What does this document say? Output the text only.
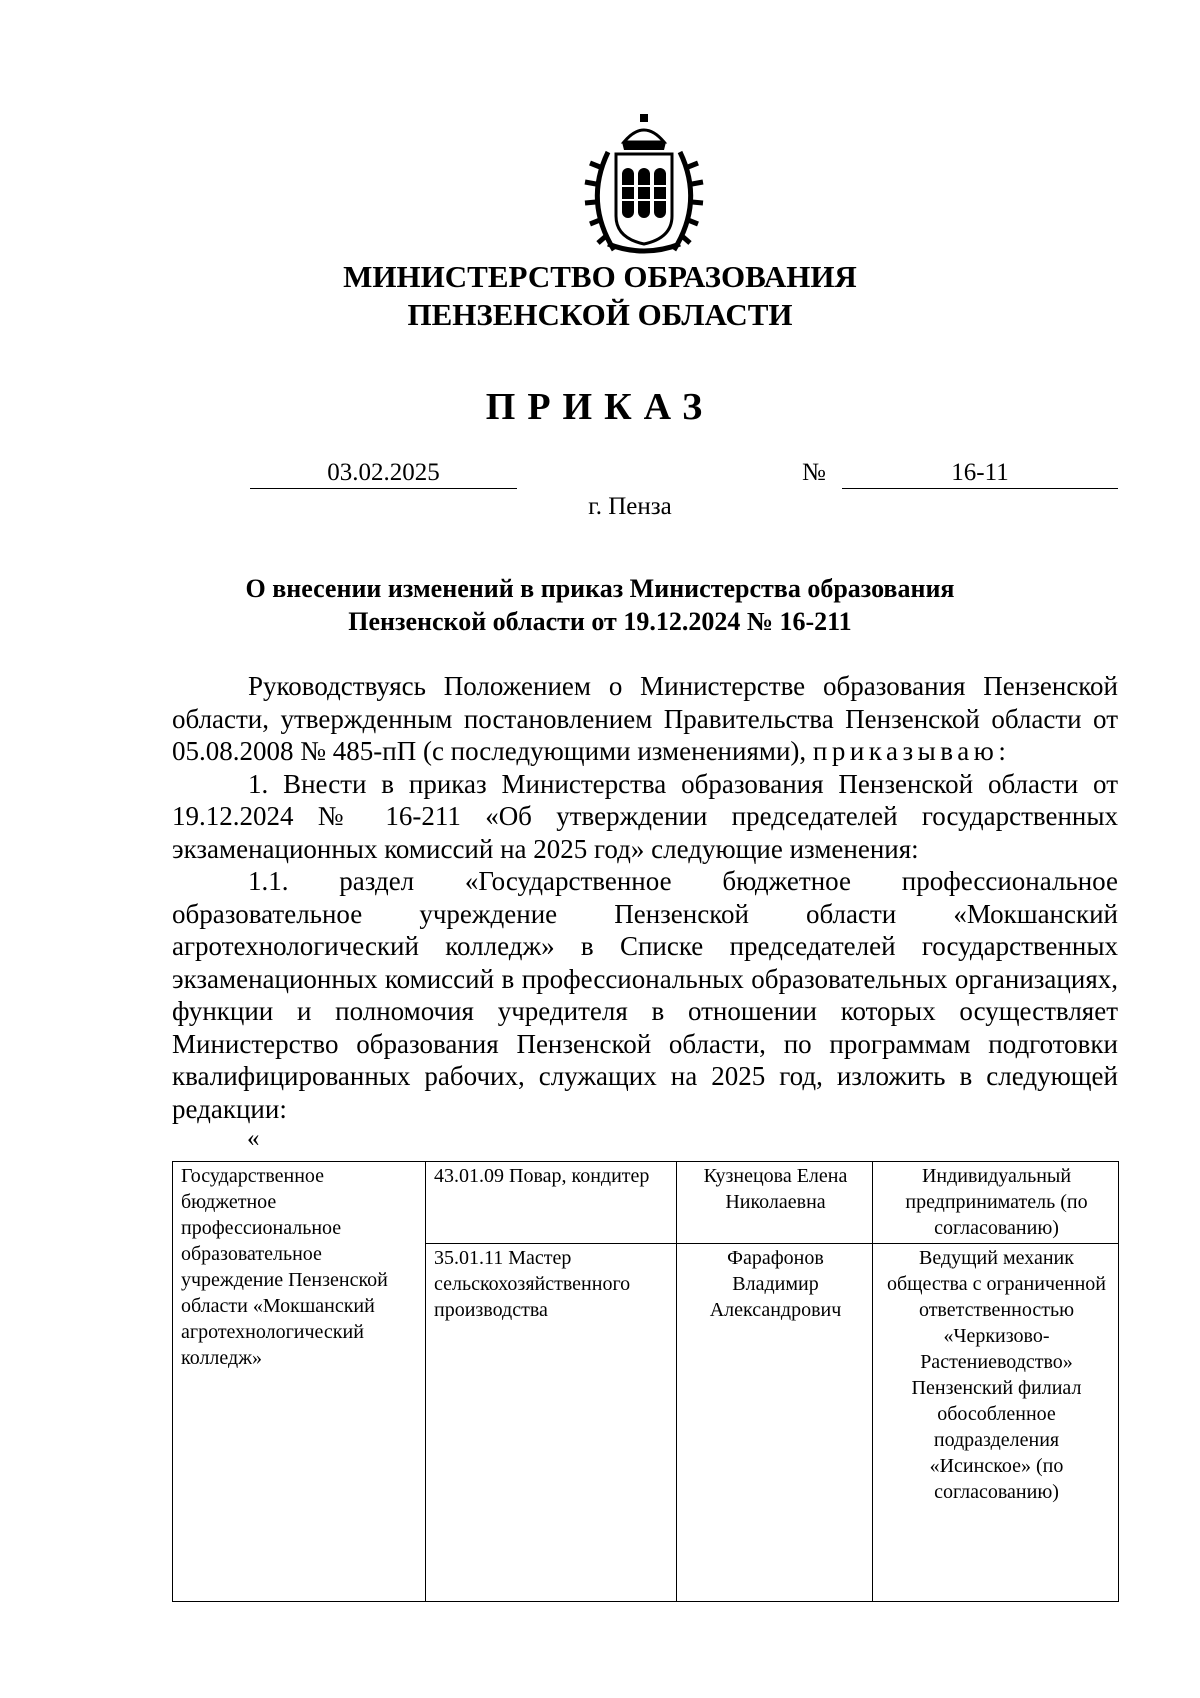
МИНИСТЕРСТВО ОБРАЗОВАНИЯ
ПЕНЗЕНСКОЙ ОБЛАСТИ
ПРИКАЗ
03.02.2025	№	16-11
г. Пенза
О внесении изменений в приказ Министерства образования
Пензенской области от 19.12.2024 № 16-211

Руководствуясь Положением о Министерстве образования Пензенской области, утвержденным постановлением Правительства Пензенской области от 05.08.2008 № 485-пП (с последующими изменениями), приказываю:

1. Внести в приказ Министерства образования Пензенской области от 19.12.2024 № 16-211 «Об утверждении председателей государственных экзаменационных комиссий на 2025 год» следующие изменения:

1.1. раздел «Государственное бюджетное профессиональное образовательное учреждение Пензенской области «Мокшанский агротехнологический колледж» в Списке председателей государственных экзаменационных комиссий в профессиональных образовательных организациях, функции и полномочия учредителя в отношении которых осуществляет Министерство образования Пензенской области, по программам подготовки квалифицированных рабочих, служащих на 2025 год, изложить в следующей редакции:

«
Государственное бюджетное профессиональное образовательное учреждение Пензенской области «Мокшанский агротехнологический колледж»	43.01.09 Повар, кондитер	Кузнецова Елена Николаевна	Индивидуальный предприниматель (по согласованию)
	35.01.11 Мастер сельскохозяйственного производства	Фарафонов Владимир Александрович	Ведущий механик общества с ограниченной ответственностью «Черкизово-Растениеводство» Пензенский филиал обособленное подразделения «Исинское» (по согласованию)
